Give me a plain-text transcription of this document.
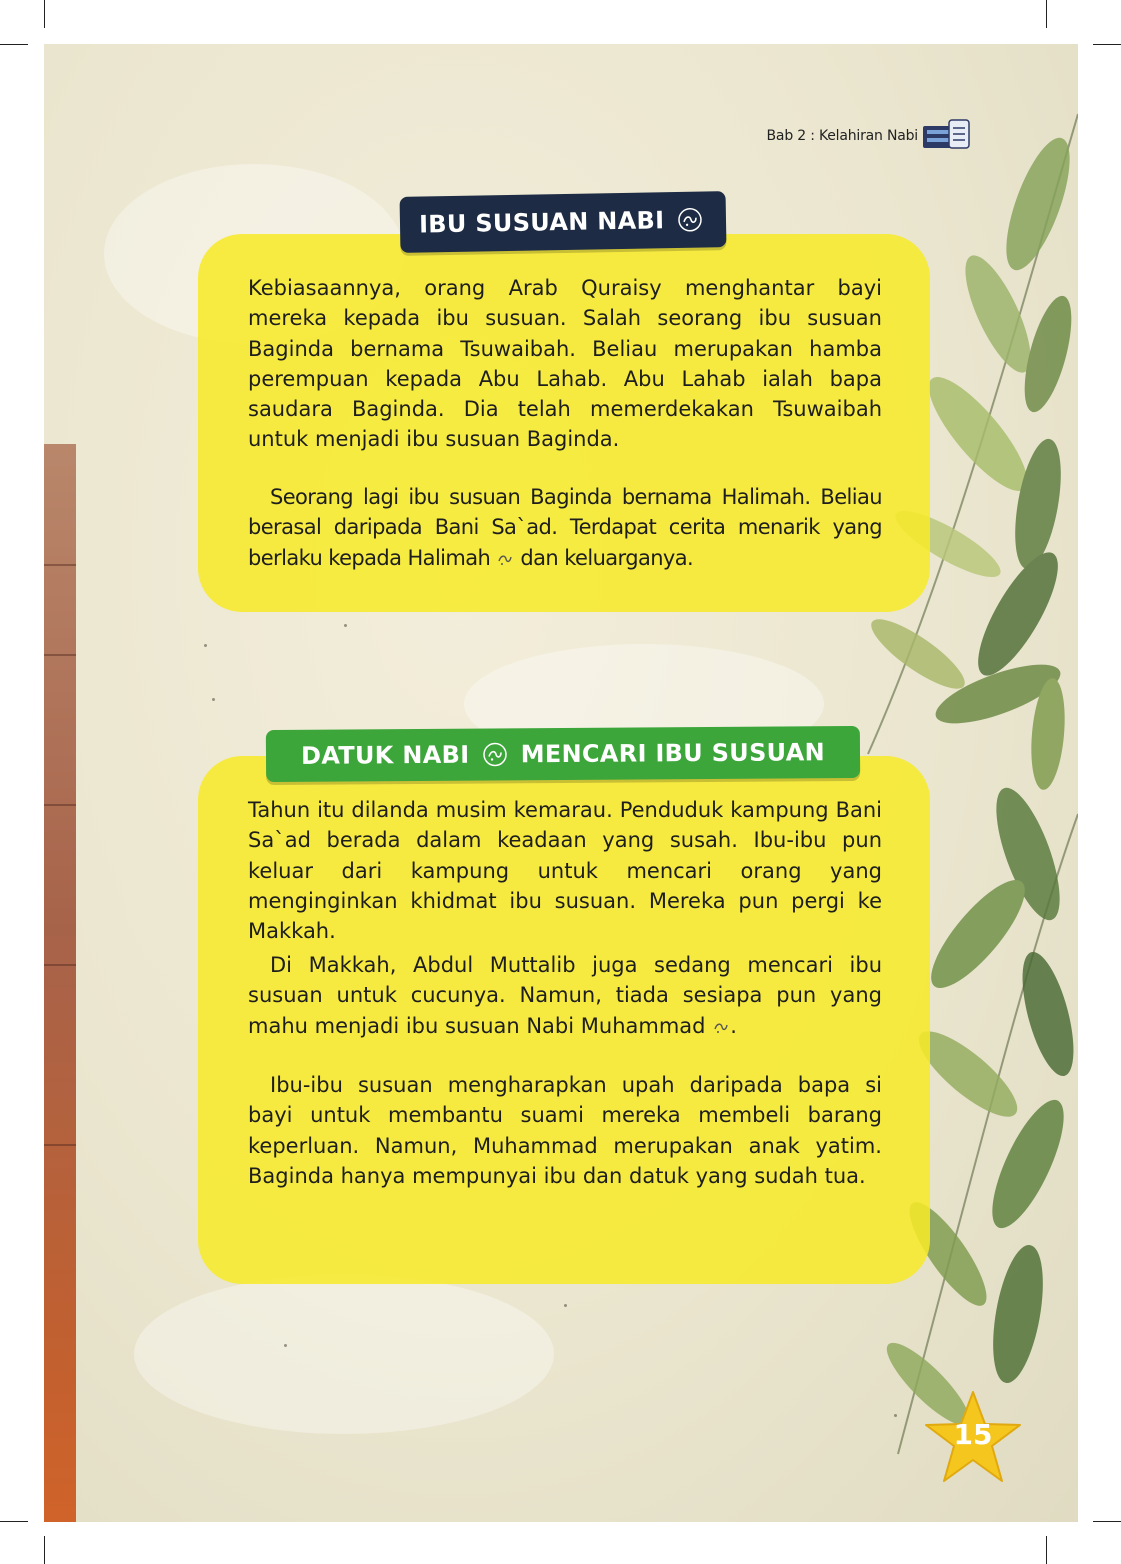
Bab 2 : Kelahiran Nabi
IBU SUSUAN NABI

Kebiasaannya, orang Arab Quraisy menghantar bayi mereka kepada ibu susuan. Salah seorang ibu susuan Baginda bernama Tsuwaibah. Beliau merupakan hamba perempuan kepada Abu Lahab. Abu Lahab ialah bapa saudara Baginda. Dia telah memerdekakan Tsuwaibah untuk menjadi ibu susuan Baginda.

Seorang lagi ibu susuan Baginda bernama Halimah. Beliau berasal daripada Bani Sa`ad. Terdapat cerita menarik yang berlaku kepada Halimah dan keluarganya.

DATUK NABI MENCARI IBU SUSUAN

Tahun itu dilanda musim kemarau. Penduduk kampung Bani Sa`ad berada dalam keadaan yang susah. Ibu-ibu pun keluar dari kampung untuk mencari orang yang menginginkan khidmat ibu susuan. Mereka pun pergi ke Makkah.

Di Makkah, Abdul Muttalib juga sedang mencari ibu susuan untuk cucunya. Namun, tiada sesiapa pun yang mahu menjadi ibu susuan Nabi Muhammad .

Ibu-ibu susuan mengharapkan upah daripada bapa si bayi untuk membantu suami mereka membeli barang keperluan. Namun, Muhammad merupakan anak yatim. Baginda hanya mempunyai ibu dan datuk yang sudah tua.

15
